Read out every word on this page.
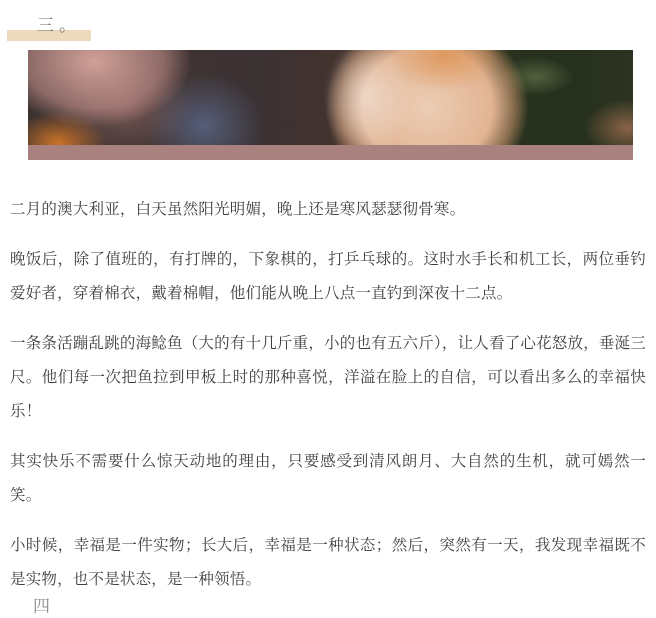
三。

二月的澳大利亚，白天虽然阳光明媚，晚上还是寒风瑟瑟彻骨寒。

晚饭后，除了值班的，有打牌的，下象棋的，打乒乓球的。这时水手长和机工长，两位垂钓爱好者，穿着棉衣，戴着棉帽，他们能从晚上八点一直钓到深夜十二点。

一条条活蹦乱跳的海鲶鱼（大的有十几斤重，小的也有五六斤），让人看了心花怒放，垂涎三尺。他们每一次把鱼拉到甲板上时的那种喜悦，洋溢在脸上的自信，可以看出多么的幸福快乐！

其实快乐不需要什么惊天动地的理由，只要感受到清风朗月、大自然的生机，就可嫣然一笑。

小时候，幸福是一件实物；长大后，幸福是一种状态；然后，突然有一天，我发现幸福既不是实物，也不是状态，是一种领悟。

四
